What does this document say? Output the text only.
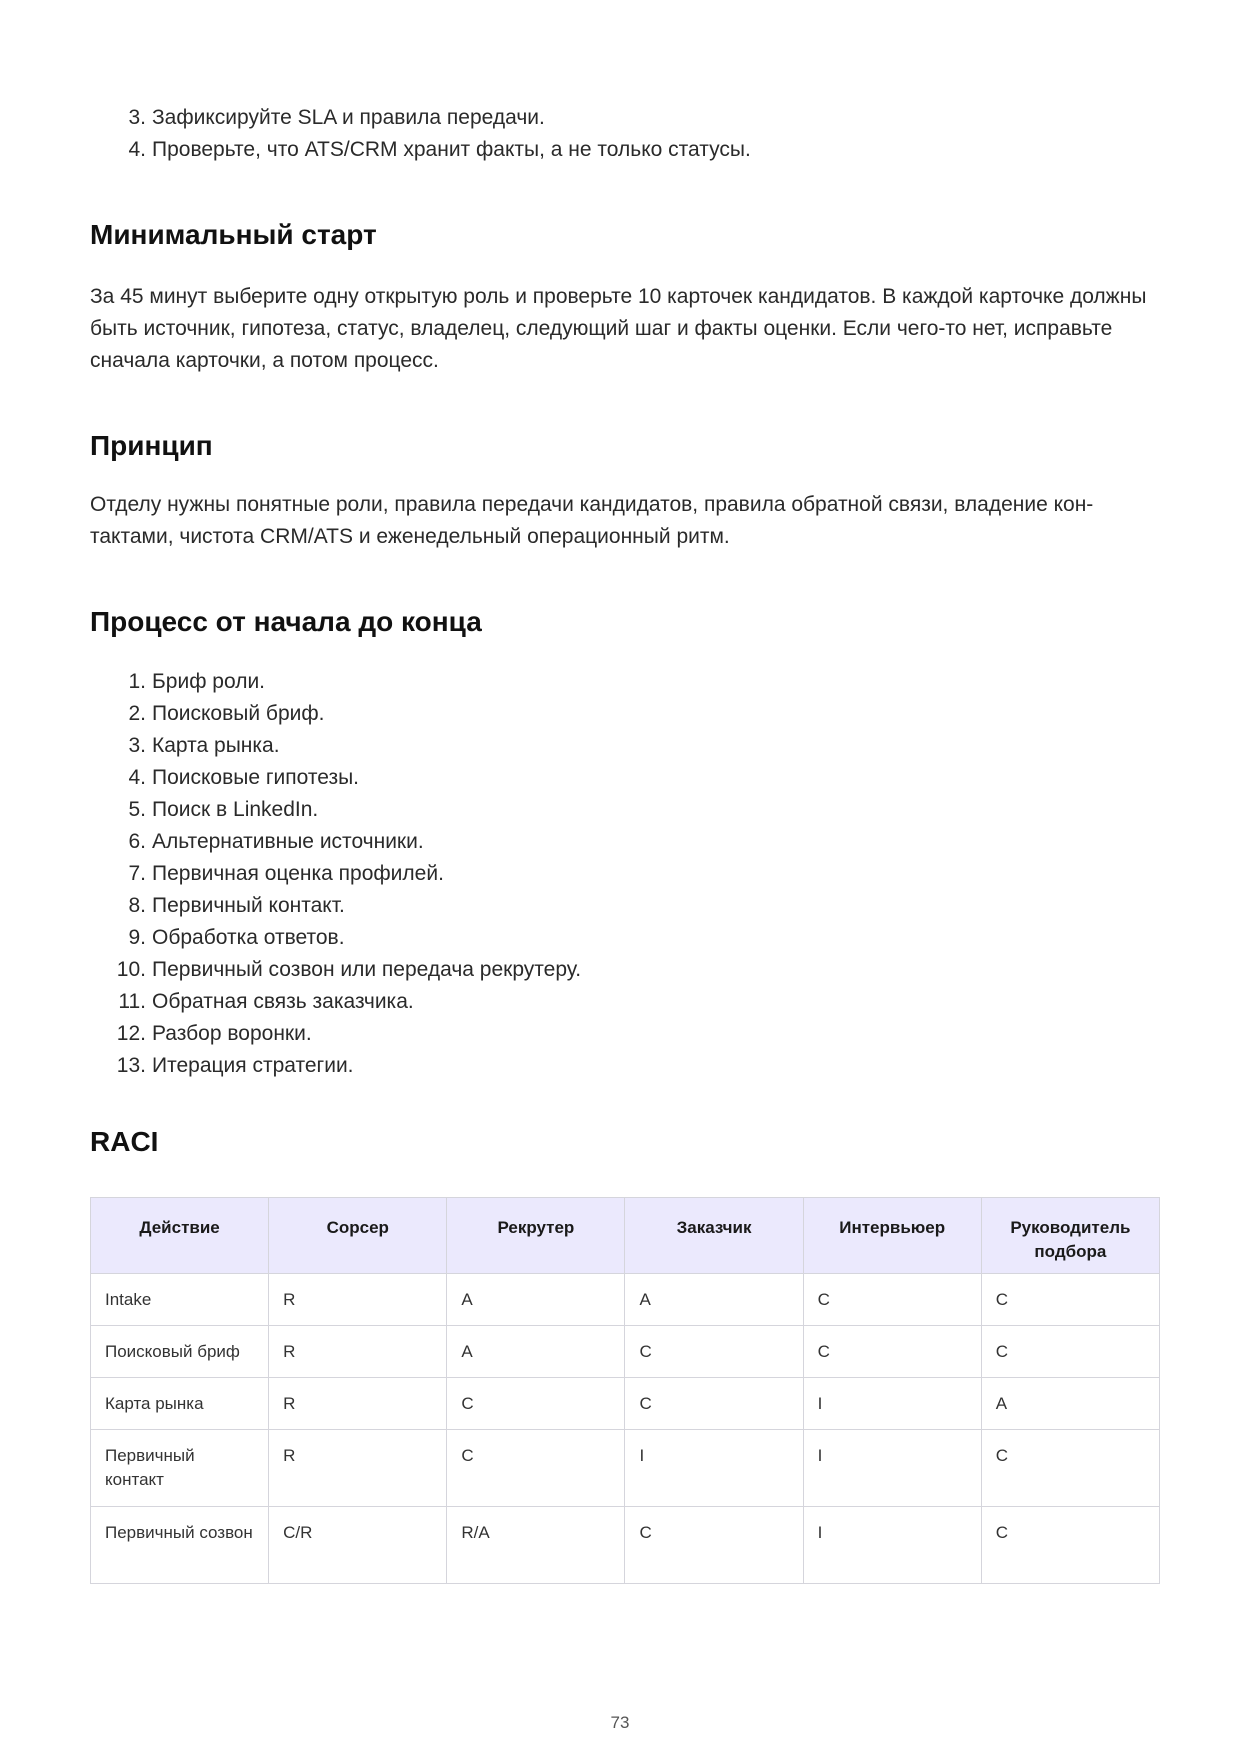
3. Зафиксируйте SLA и правила передачи.
4. Проверьте, что ATS/CRM хранит факты, а не только статусы.
Минимальный старт

За 45 минут выберите одну открытую роль и проверьте 10 карточек кандидатов. В каждой карточке должны быть источник, гипотеза, статус, владелец, следующий шаг и факты оценки. Если чего-то нет, исправьте сначала карточки, а потом процесс.

Принцип

Отделу нужны понятные роли, правила передачи кандидатов, правила обратной связи, владение кон-тактами, чистота CRM/ATS и еженедельный операционный ритм.

Процесс от начала до конца
1. Бриф роли.
2. Поисковый бриф.
3. Карта рынка.
4. Поисковые гипотезы.
5. Поиск в LinkedIn.
6. Альтернативные источники.
7. Первичная оценка профилей.
8. Первичный контакт.
9. Обработка ответов.
10. Первичный созвон или передача рекрутеру.
11. Обратная связь заказчика.
12. Разбор воронки.
13. Итерация стратегии.
RACI
Действие	Сорсер	Рекрутер	Заказчик	Интервьюер	Руководитель подбора
Intake	R	A	A	C	C
Поисковый бриф	R	A	C	C	C
Карта рынка	R	C	C	I	A
Первичный контакт	R	C	I	I	C
Первичный созвон	C/R	R/A	C	I	C
73
